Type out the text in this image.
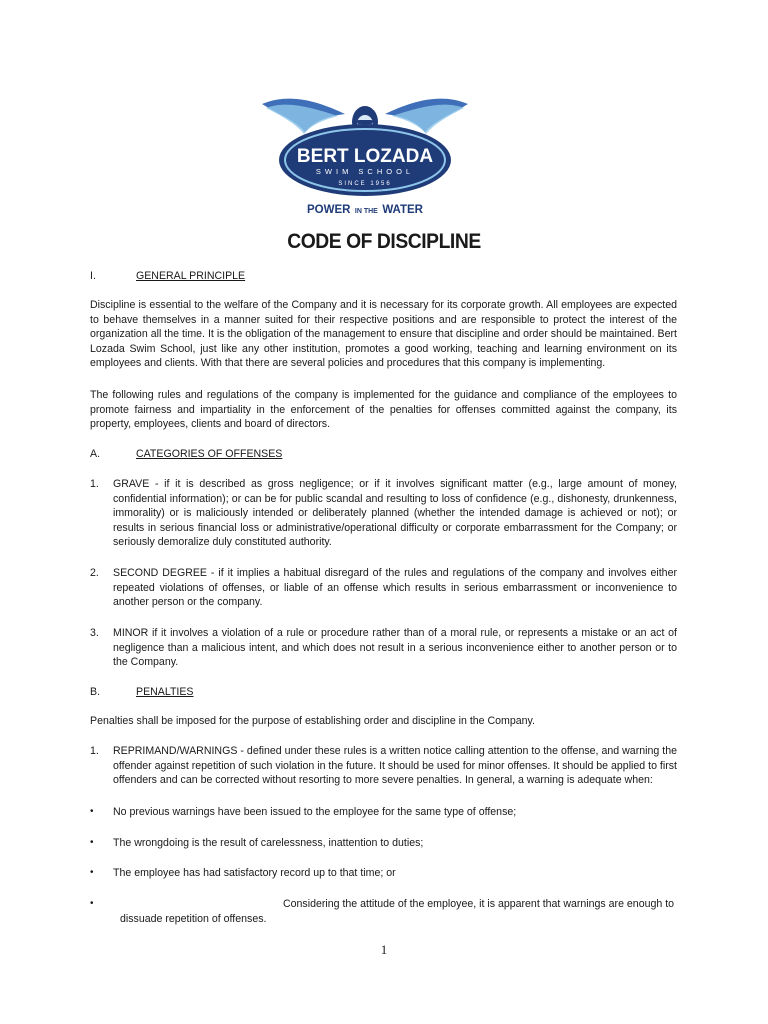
BERT LOZADA
SWIM SCHOOL
SINCE 1956
POWER IN THE WATER
CODE OF DISCIPLINE
I.	GENERAL PRINCIPLE

Discipline is essential to the welfare of the Company and it is necessary for its corporate growth. All employees are expected to behave themselves in a manner suited for their respective positions and are responsible to protect the interest of the organization all the time. It is the obligation of the management to ensure that discipline and order should be maintained. Bert Lozada Swim School, just like any other institution, promotes a good working, teaching and learning environment on its employees and clients. With that there are several policies and procedures that this company is implementing.

The following rules and regulations of the company is implemented for the guidance and compliance of the employees to promote fairness and impartiality in the enforcement of the penalties for offenses committed against the company, its property, employees, clients and board of directors.

A.	CATEGORIES OF OFFENSES
1.	GRAVE - if it is described as gross negligence; or if it involves significant matter (e.g., large amount of money, confidential information); or can be for public scandal and resulting to loss of confidence (e.g., dishonesty, drunkenness, immorality) or is maliciously intended or deliberately planned (whether the intended damage is achieved or not); or results in serious financial loss or administrative/operational difficulty or corporate embarrassment for the Company; or seriously demoralize duly constituted authority.
2.	SECOND DEGREE - if it implies a habitual disregard of the rules and regulations of the company and involves either repeated violations of offenses, or liable of an offense which results in serious embarrassment or inconvenience to another person or the company.
3.	MINOR if it involves a violation of a rule or procedure rather than of a moral rule, or represents a mistake or an act of negligence than a malicious intent, and which does not result in a serious inconvenience either to another person or to the Company.
B.	PENALTIES

Penalties shall be imposed for the purpose of establishing order and discipline in the Company.

1.	REPRIMAND/WARNINGS - defined under these rules is a written notice calling attention to the offense, and warning the offender against repetition of such violation in the future. It should be used for minor offenses. It should be applied to first offenders and can be corrected without resorting to more severe penalties. In general, a warning is adequate when:
• No previous warnings have been issued to the employee for the same type of offense;
• The wrongdoing is the result of carelessness, inattention to duties;
• The employee has had satisfactory record up to that time; or
•	Considering the attitude of the employee, it is apparent that warnings are enough to
dissuade repetition of offenses.
1
